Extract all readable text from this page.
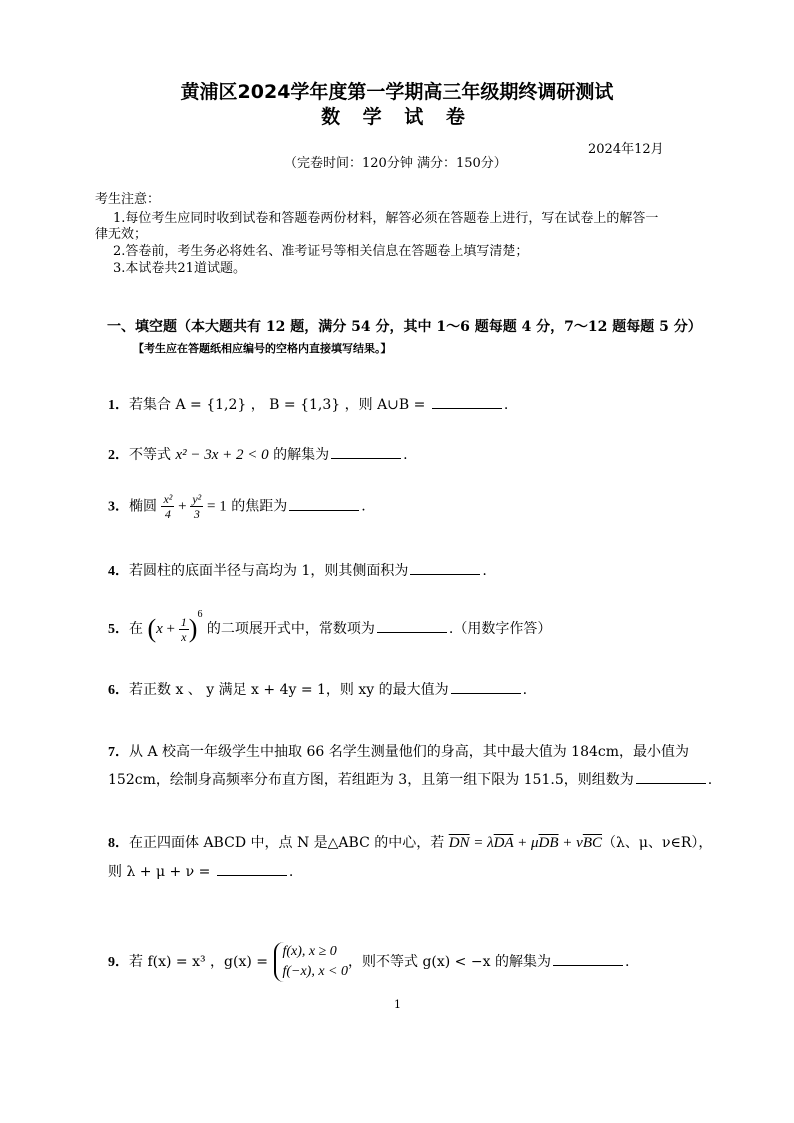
黄浦区2024学年度第一学期高三年级期终调研测试
数 学 试 卷
2024年12月
（完卷时间：120分钟 满分：150分）
考生注意：
1.每位考生应同时收到试卷和答题卷两份材料，解答必须在答题卷上进行，写在试卷上的解答一
律无效；
2.答卷前，考生务必将姓名、准考证号等相关信息在答题卷上填写清楚；
3.本试卷共21道试题。
一、填空题（本大题共有 12 题，满分 54 分，其中 1～6 题每题 4 分，7～12 题每题 5 分）
【考生应在答题纸相应编号的空格内直接填写结果。】
1．若集合 A = {1,2} ， B = {1,3} ，则 A∪B =	.
2．不等式 x² − 3x + 2 < 0 的解集为	.
3．椭圆 $\frac{\text{x²}}{4} + \frac{\text{y²}}{3} = 1$ 的焦距为	.
4．若圆柱的底面半径与高均为 1，则其侧面积为	.
5．在 $(x + \frac{1}{x} )^6$ 的二项展开式中，常数项为	.（用数字作答）
6．若正数 x 、 y 满足 x + 4y = 1，则 xy 的最大值为	.
7．从 A 校高一年级学生中抽取 66 名学生测量他们的身高，其中最大值为 184cm，最小值为
152cm，绘制身高频率分布直方图，若组距为 3，且第一组下限为 151.5，则组数为	.
8．在正四面体 ABCD 中，点 N 是△ABC 的中心，若 $\overline{DN} = \lambda\overline{DA} + \mu\overline{DB} + \nu\overline{BC}(\lambda$、μ、ν∈R），
则 λ + μ + ν =	.
9．若 f(x) = x³ ，g(x) =
f(x), x ≥ 0
f(−x), x < 0
，则不等式 g(x) < −x 的解集为	.
1
